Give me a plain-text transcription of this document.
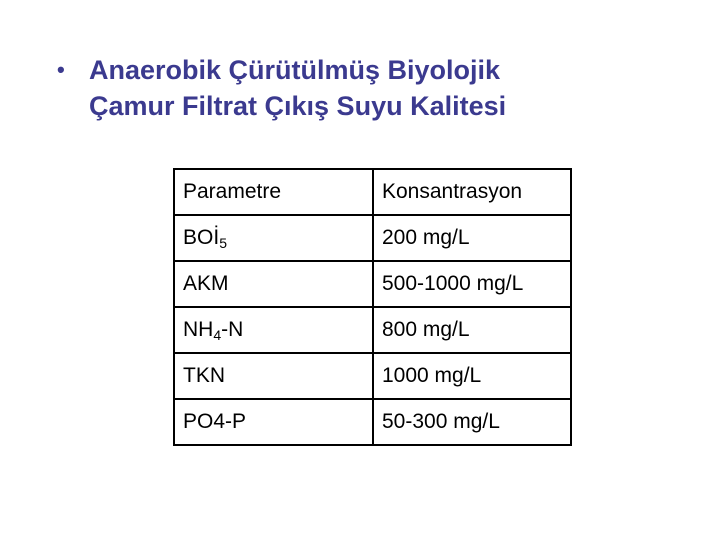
• Anaerobik Çürütülmüş Biyolojik
Çamur Filtrat Çıkış Suyu Kalitesi
Parametre	Konsantrasyon
$BOİ_5$	200 mg/L
AKM	500-1000 mg/L
$NH_4-N$	800 mg/L
TKN	1000 mg/L
PO4-P	50-300 mg/L
